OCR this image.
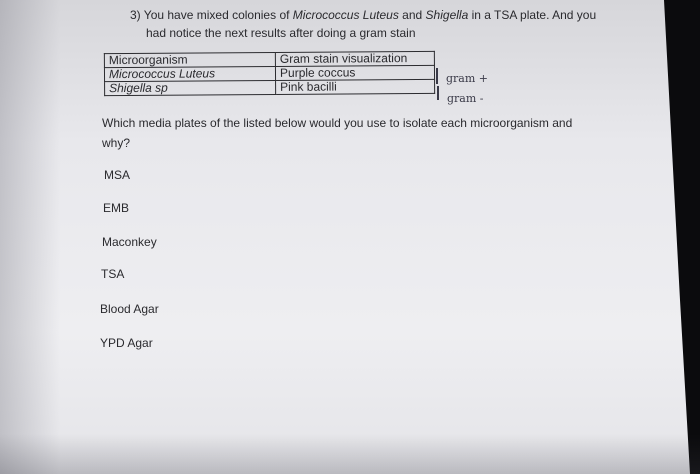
3) You have mixed colonies of Micrococcus Luteus and Shigella in a TSA plate. And you
had notice the next results after doing a gram stain
Microorganism	Gram stain visualization
Micrococcus Luteus	Purple coccus
Shigella sp	Pink bacilli
gram +
gram -
Which media plates of the listed below would you use to isolate each microorganism and
why?
MSA
EMB
Maconkey
TSA
Blood Agar
YPD Agar
